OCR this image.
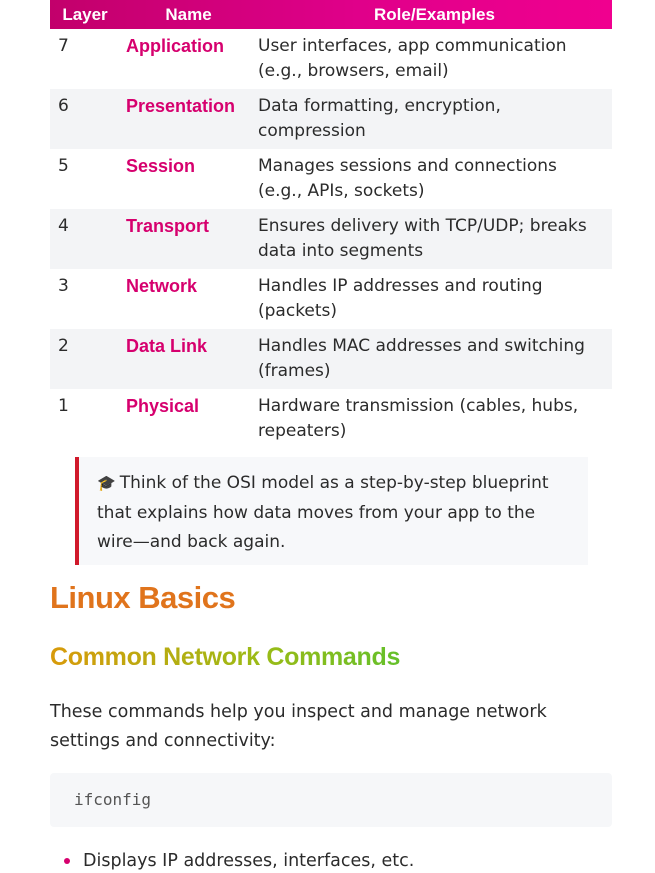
Layer	Name	Role/Examples
7	Application	User interfaces, app communication (e.g., browsers, email)
6	Presentation	Data formatting, encryption, compression
5	Session	Manages sessions and connections (e.g., APIs, sockets)
4	Transport	Ensures delivery with TCP/UDP; breaks data into segments
3	Network	Handles IP addresses and routing (packets)
2	Data Link	Handles MAC addresses and switching (frames)
1	Physical	Hardware transmission (cables, hubs, repeaters)
🎓 Think of the OSI model as a step-by-step blueprint that explains how data moves from your app to the wire—and back again.
Linux Basics
Common Network Commands

These commands help you inspect and manage network settings and connectivity:

ifconfig
Displays IP addresses, interfaces, etc.
